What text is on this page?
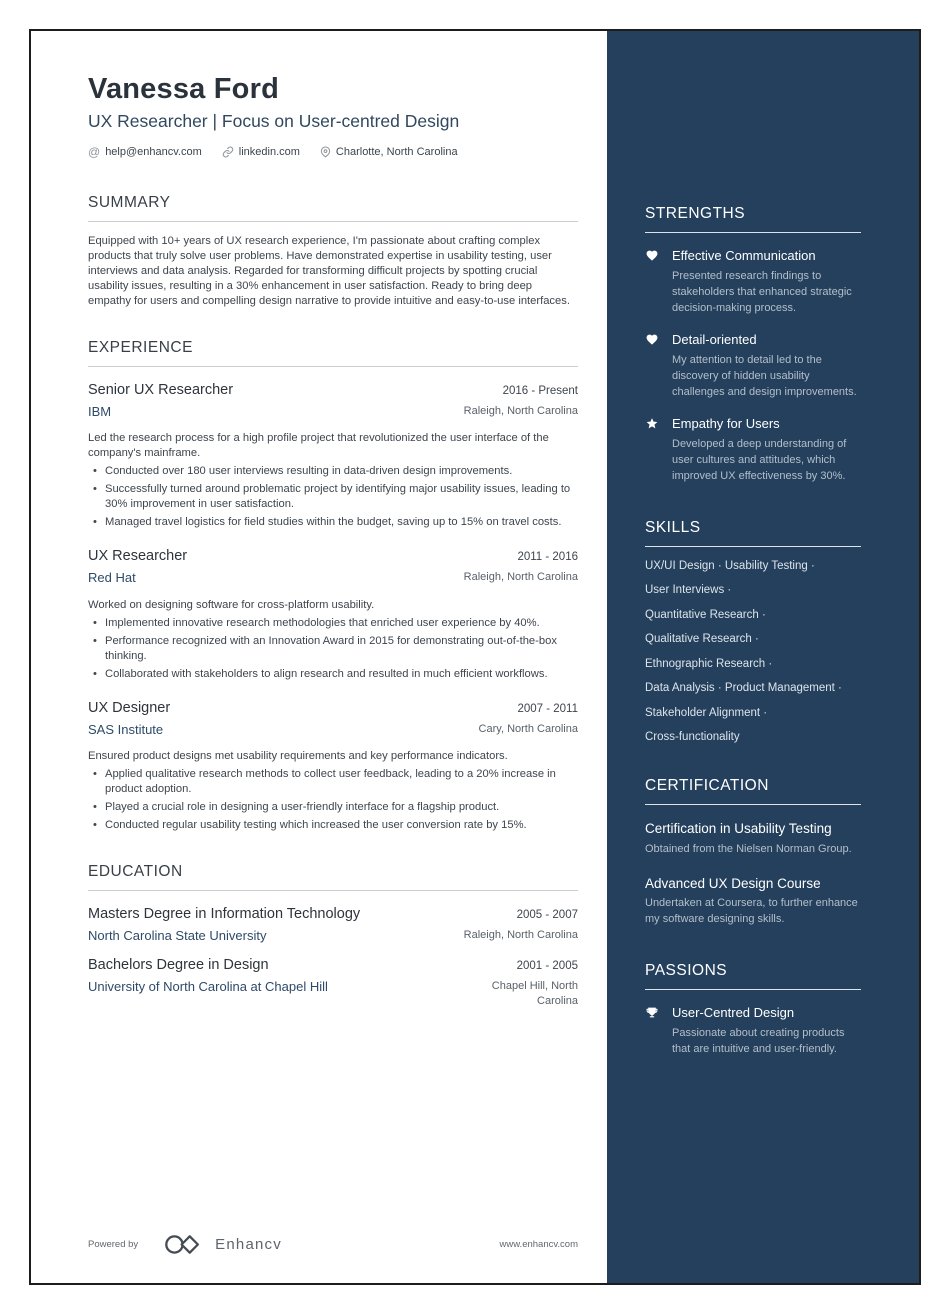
Vanessa Ford
UX Researcher | Focus on User-centred Design
@ help@enhancv.com	linkedin.com	Charlotte, North Carolina
SUMMARY

Equipped with 10+ years of UX research experience, I'm passionate about crafting complex products that truly solve user problems. Have demonstrated expertise in usability testing, user interviews and data analysis. Regarded for transforming difficult projects by spotting crucial usability issues, resulting in a 30% enhancement in user satisfaction. Ready to bring deep empathy for users and compelling design narrative to provide intuitive and easy-to-use interfaces.

EXPERIENCE
Senior UX Researcher	2016 - Present
IBM	Raleigh, North Carolina

Led the research process for a high profile project that revolutionized the user interface of the company's mainframe.

• Conducted over 180 user interviews resulting in data-driven design improvements.
• Successfully turned around problematic project by identifying major usability issues, leading to 30% improvement in user satisfaction.
• Managed travel logistics for field studies within the budget, saving up to 15% on travel costs.
UX Researcher	2011 - 2016
Red Hat	Raleigh, North Carolina

Worked on designing software for cross-platform usability.

• Implemented innovative research methodologies that enriched user experience by 40%.
• Performance recognized with an Innovation Award in 2015 for demonstrating out-of-the-box thinking.
• Collaborated with stakeholders to align research and resulted in much efficient workflows.
UX Designer	2007 - 2011
SAS Institute	Cary, North Carolina

Ensured product designs met usability requirements and key performance indicators.

• Applied qualitative research methods to collect user feedback, leading to a 20% increase in product adoption.
• Played a crucial role in designing a user-friendly interface for a flagship product.
• Conducted regular usability testing which increased the user conversion rate by 15%.
EDUCATION
Masters Degree in Information Technology	2005 - 2007
North Carolina State University	Raleigh, North Carolina
Bachelors Degree in Design	2001 - 2005
University of North Carolina at Chapel Hill	Chapel Hill, North Carolina
Powered by	Enhancv	www.enhancv.com
STRENGTHS
Effective Communication
Presented research findings to stakeholders that enhanced strategic decision-making process.
Detail-oriented
My attention to detail led to the discovery of hidden usability challenges and design improvements.
Empathy for Users
Developed a deep understanding of user cultures and attitudes, which improved UX effectiveness by 30%.
SKILLS
UX/UI Design · Usability Testing ·
User Interviews ·
Quantitative Research ·
Qualitative Research ·
Ethnographic Research ·
Data Analysis · Product Management ·
Stakeholder Alignment ·
Cross-functionality
CERTIFICATION
Certification in Usability Testing
Obtained from the Nielsen Norman Group.
Advanced UX Design Course
Undertaken at Coursera, to further enhance my software designing skills.
PASSIONS
User-Centred Design
Passionate about creating products that are intuitive and user-friendly.
